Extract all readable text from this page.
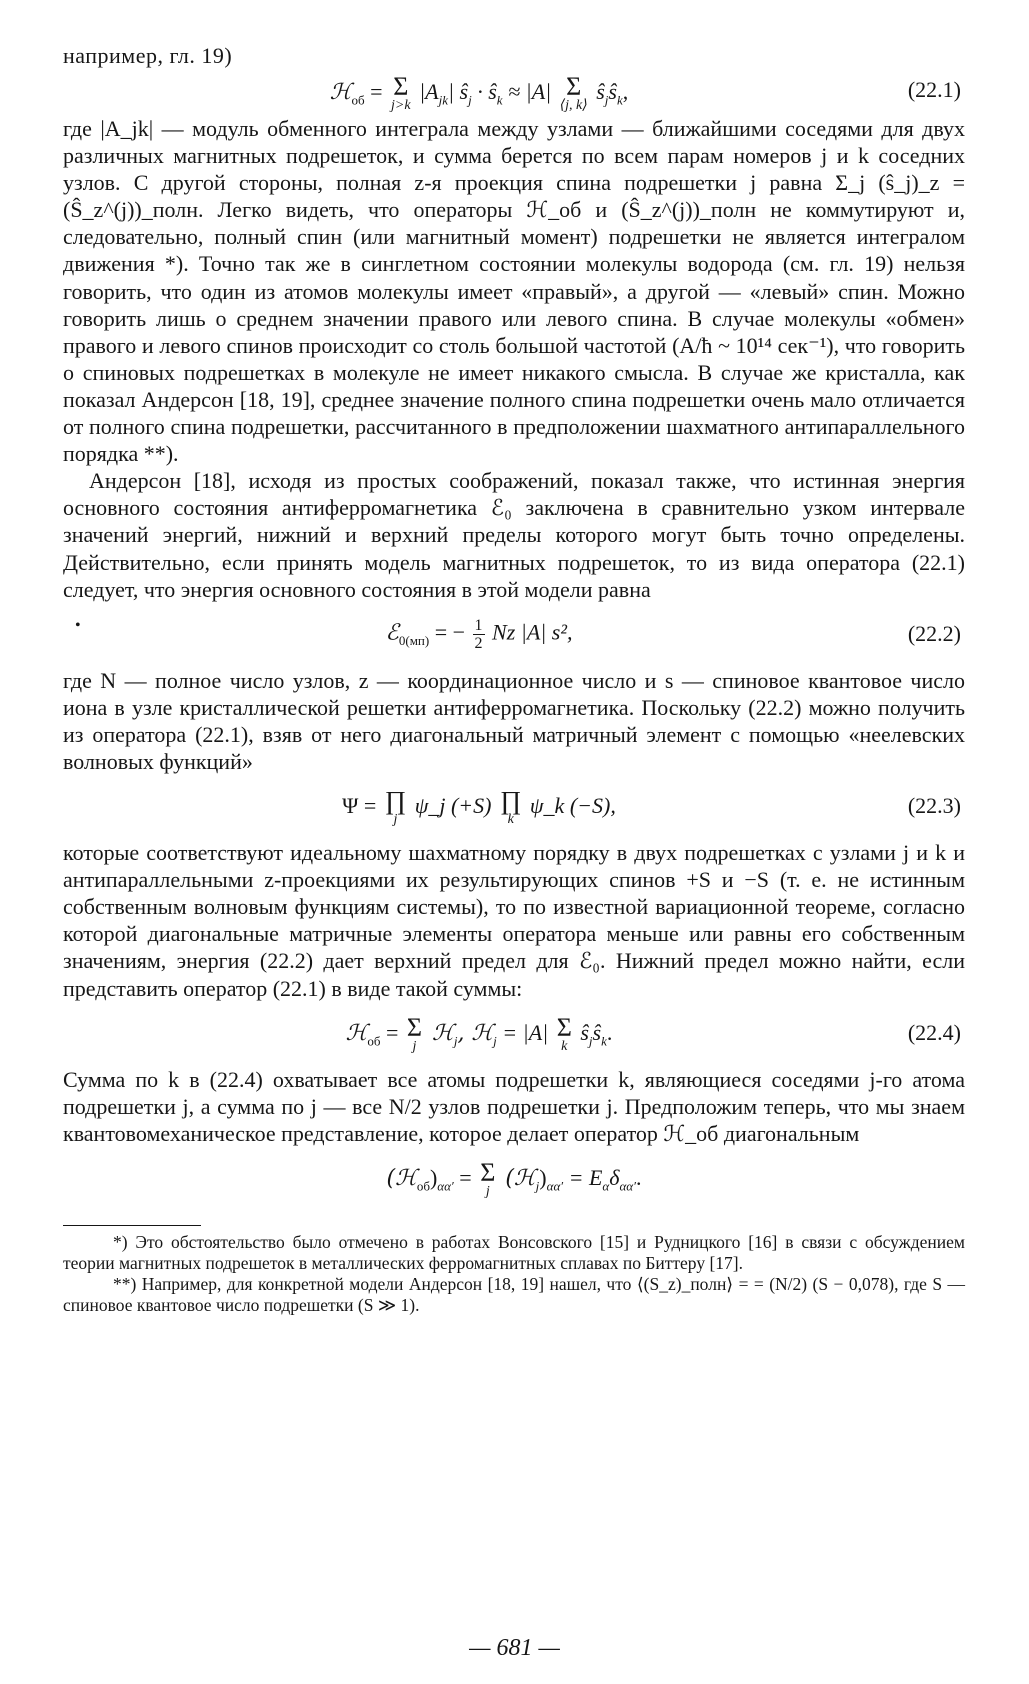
например, гл. 19)

ℋ$_{об}$ = Σ
j>k
$|A_{jk}|$ $ŝ_j$ · $ŝ_k \approx |A|$ Σ
⟨j, k⟩
$ŝ_jŝ_k$,	(22.1)

где |A_jk| — модуль обменного интеграла между узлами — ближайшими соседями для двух различных магнитных подрешеток, и сумма берется по всем парам номеров j и k соседних узлов. С другой стороны, полная z-я проекция спина подрешетки j равна Σ_j (ŝ_j)_z = (Ŝ_z^(j))_полн. Легко видеть, что операторы ℋ_об и (Ŝ_z^(j))_полн не коммутируют и, следовательно, полный спин (или магнитный момент) подрешетки не является интегралом движения *). Точно так же в синглетном состоянии молекулы водорода (см. гл. 19) нельзя говорить, что один из атомов молекулы имеет «правый», а другой — «левый» спин. Можно говорить лишь о среднем значении правого или левого спина. В случае молекулы «обмен» правого и левого спинов происходит со столь большой частотой (A/ħ ~ 10¹⁴ сек⁻¹), что говорить о спиновых подрешетках в молекуле не имеет никакого смысла. В случае же кристалла, как показал Андерсон [18, 19], среднее значение полного спина подрешетки очень мало отличается от полного спина подрешетки, рассчитанного в предположении шахматного антипараллельного порядка **).

Андерсон [18], исходя из простых соображений, показал также, что истинная энергия основного состояния антиферромагнетика ℰ₀ заключена в сравнительно узком интервале значений энергий, нижний и верхний пределы которого могут быть точно определены. Действительно, если принять модель магнитных подрешеток, то из вида оператора (22.1) следует, что энергия основного состояния в этой модели равна

•	ℰ$_{0(мп)}$ = − $\frac{1}{2}$ Nz |A| s²,	(22.2)

где N — полное число узлов, z — координационное число и s — спиновое квантовое число иона в узле кристаллической решетки антиферромагнетика. Поскольку (22.2) можно получить из оператора (22.1), взяв от него диагональный матричный элемент с помощью «неелевских волновых функций»

Ψ = ∏
j
ψ_j (+S) ∏
k
ψ_k (−S),	(22.3)

которые соответствуют идеальному шахматному порядку в двух подрешетках с узлами j и k и антипараллельными z-проекциями их результирующих спинов +S и −S (т. е. не истинным собственным волновым функциям системы), то по известной вариационной теореме, согласно которой диагональные матричные элементы оператора меньше или равны его собственным значениям, энергия (22.2) дает верхний предел для ℰ₀. Нижний предел можно найти, если представить оператор (22.1) в виде такой суммы:

ℋ$_{об}$ = Σ
j
ℋ$_j$, ℋ$_j$ = |A| Σ
k
$ŝ_jŝ_k$.	(22.4)

Сумма по k в (22.4) охватывает все атомы подрешетки k, являющиеся соседями j-го атома подрешетки j, а сумма по j — все N/2 узлов подрешетки j. Предположим теперь, что мы знаем квантовомеханическое представление, которое делает оператор ℋ_об диагональным

$(ℋ_{об})_{\alpha\alpha'} = \Sigma$
j
$(ℋ_j)_{\alpha\alpha'} = E_\alpha\delta_{\alpha\alpha'}$.

*) Это обстоятельство было отмечено в работах Вонсовского [15] и Рудницкого [16] в связи с обсуждением теории магнитных подрешеток в металлических ферромагнитных сплавах по Биттеру [17].

**) Например, для конкретной модели Андерсон [18, 19] нашел, что ⟨(S_z)_полн⟩ = = (N/2) (S − 0,078), где S — спиновое квантовое число подрешетки (S ≫ 1).

— 681 —
